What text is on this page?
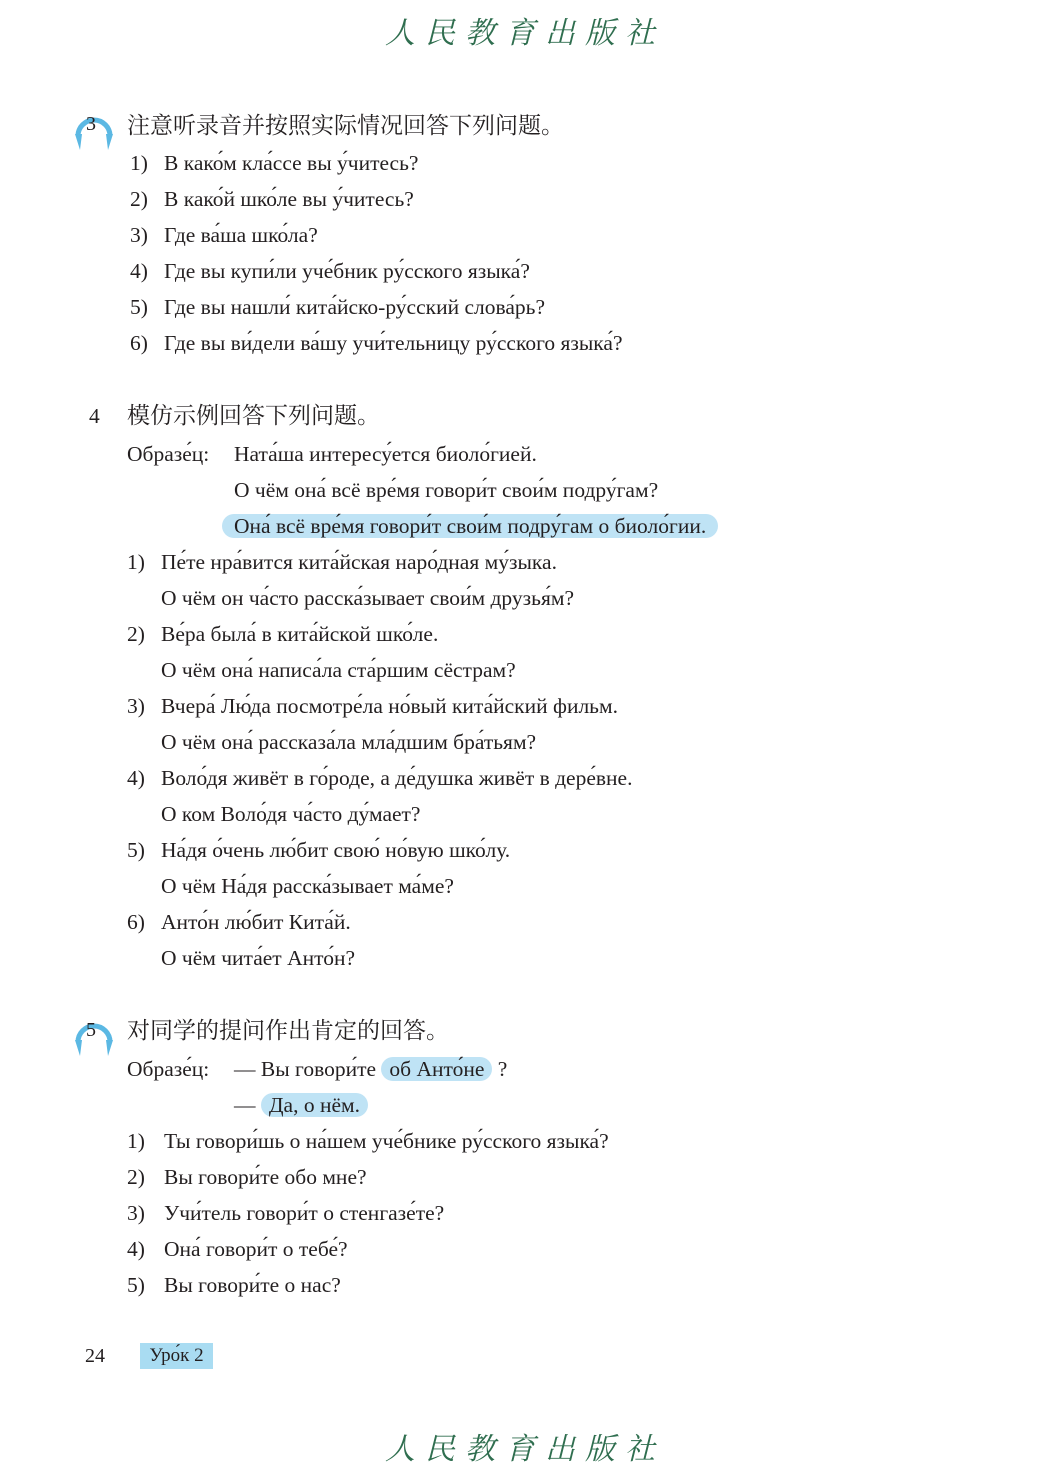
人民教育出版社
3 注意听录音并按照实际情况回答下列问题。
1) В како́м кла́ссе вы у́читесь?
2) В како́й шко́ле вы у́читесь?
3) Где ва́ша шко́ла?
4) Где вы купи́ли уче́бник ру́сского языка́?
5) Где вы нашли́ кита́йско-ру́сский слова́рь?
6) Где вы ви́дели ва́шу учи́тельницу ру́сского языка́?
4 模仿示例回答下列问题。
Образе́ц: Ната́ша интересу́ется биоло́гией.
О чём она́ всё вре́мя говори́т свои́м подру́гам?
Она́ всё вре́мя говори́т свои́м подру́гам о биоло́гии.
1) Пе́те нра́вится кита́йская наро́дная му́зыка.
О чём он ча́сто расска́зывает свои́м друзья́м?
2) Ве́ра была́ в кита́йской шко́ле.
О чём она́ написа́ла ста́ршим сёстрам?
3) Вчера́ Лю́да посмотре́ла но́вый кита́йский фильм.
О чём она́ рассказа́ла мла́дшим бра́тьям?
4) Воло́дя живёт в го́роде, а де́душка живёт в дере́вне.
О ком Воло́дя ча́сто ду́мает?
5) На́дя о́чень лю́бит свою́ но́вую шко́лу.
О чём На́дя расска́зывает ма́ме?
6) Анто́н лю́бит Кита́й.
О чём чита́ет Анто́н?
5 对同学的提问作出肯定的回答。
Образе́ц: — Вы говори́те об Анто́не ?
— Да, о нём.
1) Ты говори́шь о на́шем уче́бнике ру́сского языка́?
2) Вы говори́те обо мне?
3) Учи́тель говори́т о стенгазе́те?
4) Она́ говори́т о тебе́?
5) Вы говори́те о нас?
24	Уро́к 2
人民教育出版社
